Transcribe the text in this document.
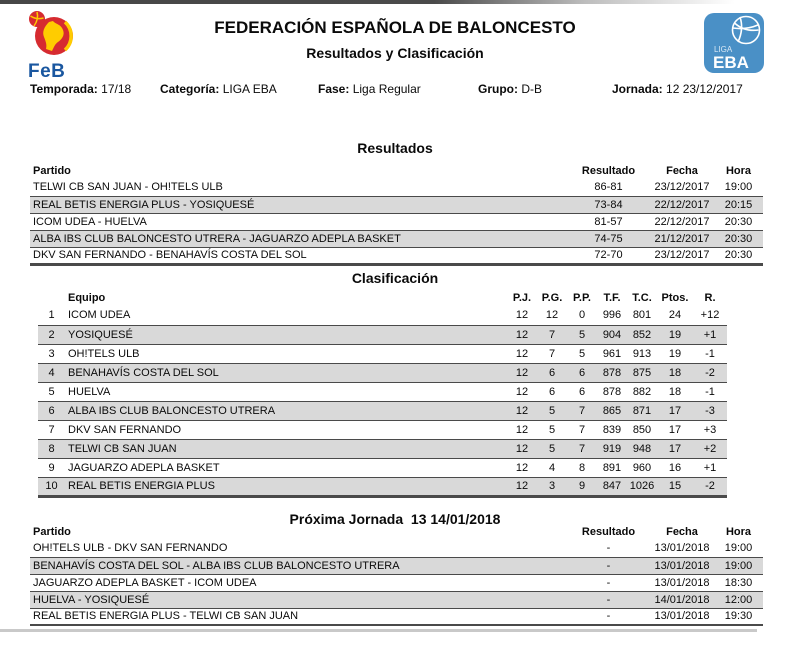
FeB
FEDERACIÓN ESPAÑOLA DE BALONCESTO
Resultados y Clasificación	LIGA
EBA
Temporada: 17/18 Categoría: LIGA EBA	Fase: Liga Regular	Grupo: D-B	Jornada: 12 23/12/2017
Resultados
Partido	Resultado	Fecha	Hora
TELWI CB SAN JUAN - OH!TELS ULB	86-81	23/12/2017	19:00
REAL BETIS ENERGIA PLUS - YOSIQUESÉ	73-84	22/12/2017	20:15
ICOM UDEA - HUELVA	81-57	22/12/2017	20:30
ALBA IBS CLUB BALONCESTO UTRERA - JAGUARZO ADEPLA BASKET	74-75	21/12/2017	20:30
DKV SAN FERNANDO - BENAHAVÍS COSTA DEL SOL	72-70	23/12/2017	20:30
Clasificación
	Equipo	P.J.	P.G.	P.P.	T.F.	T.C.	Ptos.	R.
1	ICOM UDEA	12	12	0	996	801	24	+12
2	YOSIQUESÉ	12	7	5	904	852	19	+1
3	OH!TELS ULB	12	7	5	961	913	19	-1
4	BENAHAVÍS COSTA DEL SOL	12	6	6	878	875	18	-2
5	HUELVA	12	6	6	878	882	18	-1
6	ALBA IBS CLUB BALONCESTO UTRERA	12	5	7	865	871	17	-3
7	DKV SAN FERNANDO	12	5	7	839	850	17	+3
8	TELWI CB SAN JUAN	12	5	7	919	948	17	+2
9	JAGUARZO ADEPLA BASKET	12	4	8	891	960	16	+1
10	REAL BETIS ENERGIA PLUS	12	3	9	847	1026	15	-2
Próxima Jornada  13 14/01/2018
Partido	Resultado	Fecha	Hora
OH!TELS ULB - DKV SAN FERNANDO	-	13/01/2018	19:00
BENAHAVÍS COSTA DEL SOL - ALBA IBS CLUB BALONCESTO UTRERA	-	13/01/2018	19:00
JAGUARZO ADEPLA BASKET - ICOM UDEA	-	13/01/2018	18:30
HUELVA - YOSIQUESÉ	-	14/01/2018	12:00
REAL BETIS ENERGIA PLUS - TELWI CB SAN JUAN	-	13/01/2018	19:30
